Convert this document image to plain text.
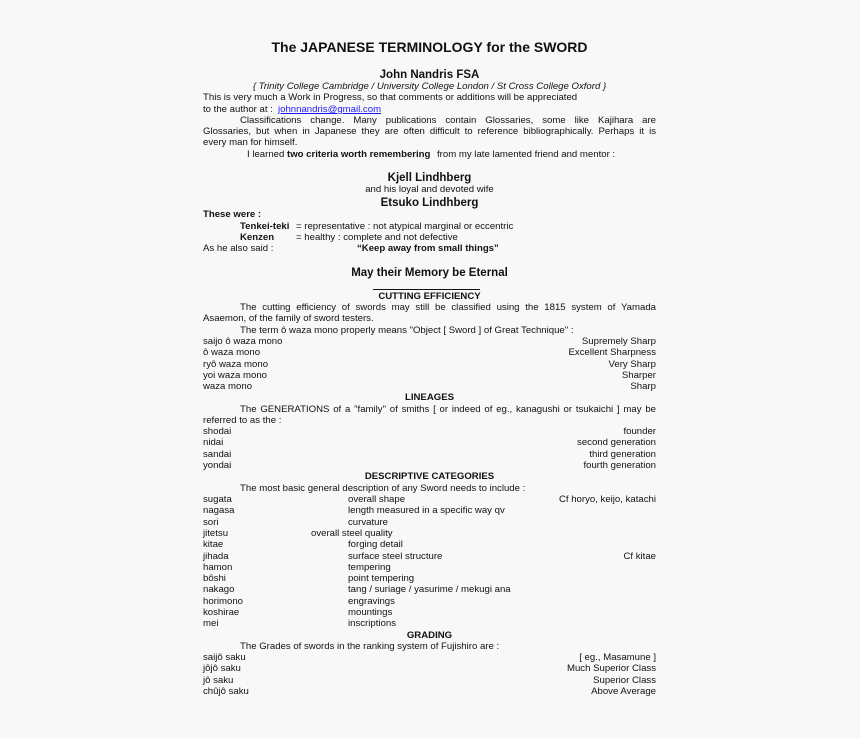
The JAPANESE TERMINOLOGY for the SWORD
John Nandris FSA
{ Trinity College Cambridge / University College London / St Cross College Oxford }
This is very much a Work in Progress, so that comments or additions will be appreciated
to the author at : johnnandris@gmail.com
Classifications change. Many publications contain Glossaries, some like Kajihara are
Glossaries, but when in Japanese they are often difficult to reference bibliographically. Perhaps it is
every man for himself.
I learned two criteria worth remembering from my late lamented friend and mentor :
Kjell Lindhberg
and his loyal and devoted wife
Etsuko Lindhberg
These were :
Tenkei-teki = representative : not atypical marginal or eccentric
Kenzen = healthy : complete and not defective
As he also said :	“Keep away from small things”
May their Memory be Eternal
CUTTING EFFICIENCY
The cutting efficiency of swords may still be classified using the 1815 system of Yamada
Asaemon, of the family of sword testers.
The term ô waza mono properly means "Object [ Sword ] of Great Technique" :
saijo ô waza mono	Supremely Sharp
ô waza mono	Excellent Sharpness
ryô waza mono	Very Sharp
yoi waza mono	Sharper
waza mono	Sharp
LINEAGES
The GENERATIONS of a "family" of smiths [ or indeed of eg., kanagushi or tsukaichi ] may be
referred to as the :
shodai	founder
nidai	second generation
sandai	third generation
yondai	fourth generation
DESCRIPTIVE CATEGORIES
The most basic general description of any Sword needs to include :
sugata	overall shape	Cf horyo, keijo, katachi
nagasa	length measured in a specific way qv
sori	curvature
jitetsu	overall steel quality
kitae	forging detail
jihada	surface steel structure	Cf kitae
hamon	tempering
bôshi	point tempering
nakago	tang / suriage / yasurime / mekugi ana
horimono	engravings
koshirae	mountings
mei	inscriptions
GRADING
The Grades of swords in the ranking system of Fujishiro are :
saijô saku	[ eg., Masamune ]
jôjô saku	Much Superior Class
jô saku	Superior Class
chûjô saku	Above Average
